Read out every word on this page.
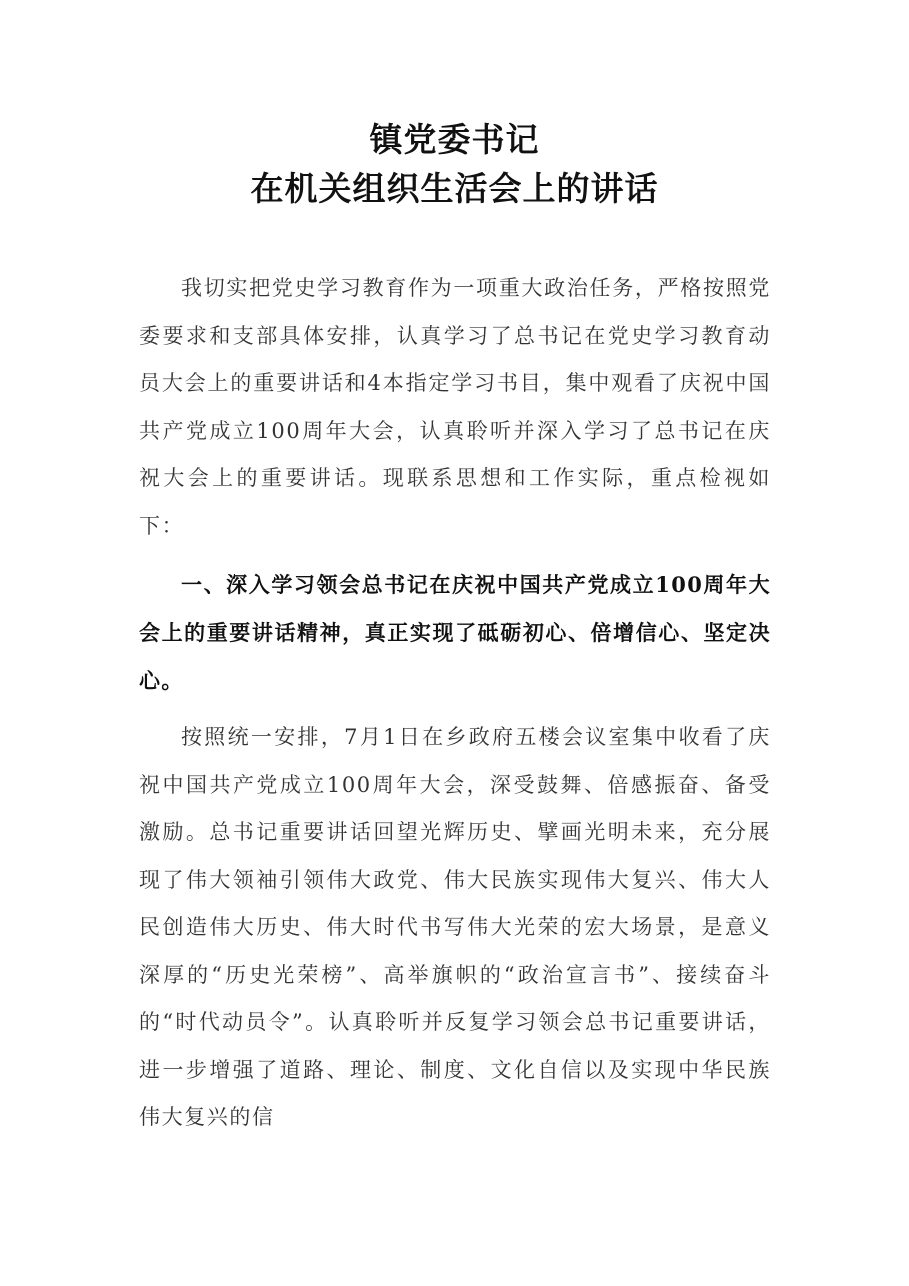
镇党委书记
在机关组织生活会上的讲话

我切实把党史学习教育作为一项重大政治任务，严格按照党委要求和支部具体安排，认真学习了总书记在党史学习教育动员大会上的重要讲话和4本指定学习书目，集中观看了庆祝中国共产党成立100周年大会，认真聆听并深入学习了总书记在庆祝大会上的重要讲话。现联系思想和工作实际，重点检视如下：

一、深入学习领会总书记在庆祝中国共产党成立100周年大会上的重要讲话精神，真正实现了砥砺初心、倍增信心、坚定决心。

按照统一安排，7月1日在乡政府五楼会议室集中收看了庆祝中国共产党成立100周年大会，深受鼓舞、倍感振奋、备受激励。总书记重要讲话回望光辉历史、擘画光明未来，充分展现了伟大领袖引领伟大政党、伟大民族实现伟大复兴、伟大人民创造伟大历史、伟大时代书写伟大光荣的宏大场景，是意义深厚的“历史光荣榜”、高举旗帜的“政治宣言书”、接续奋斗的“时代动员令”。认真聆听并反复学习领会总书记重要讲话，进一步增强了道路、理论、制度、文化自信以及实现中华民族伟大复兴的信
